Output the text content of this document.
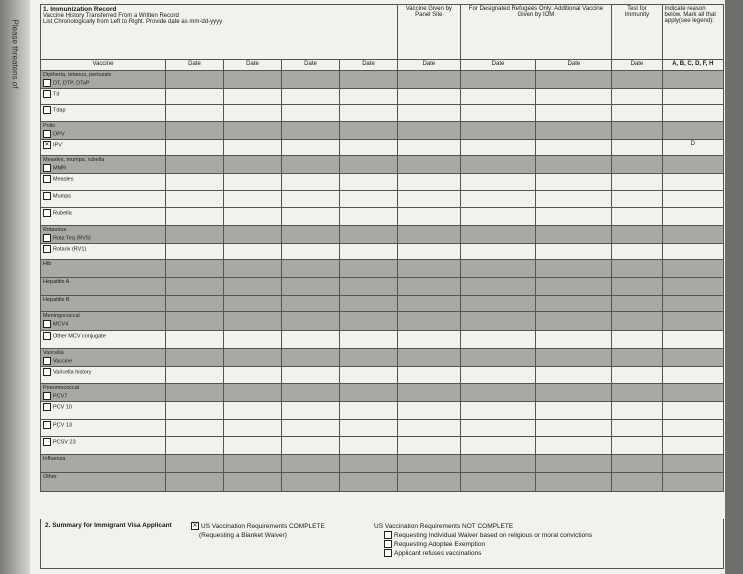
Please threatens of
1. Immunization Record
Vaccine History Transferred From a Written Record
List Chronologically from Left to Right. Provide date as mm-dd-yyyy					Vaccine Given by Panel Site	For Designated Refugees Only: Additional Vaccine Given by IOM		Test for Immunity	Indicate reason below. Mark all that apply(see legend):
Vaccine	Date	Date	Date	Date	Date	Date	Date	Date	A, B, C, D, F, H

Diptheria, tetanus, pertussis
DT, DTP, DTaP									
Td									
Tdap									

Polio
OPV									
✕ IPV									D

Measles, mumps, rubella
MMR									
Measles									
Mumps									
Rubella									

Rotavirus
Rota Teq (RV5)									
Rotarix (RV1)									
Hib									
Hepatitis A									
Hepatitis B									

Meningococcal
MCV4									
Other MCV conjugate									

Varicella
Vaccine									
Varicella history									

Pneumococcal
PCV7									
PCV 10									
PCV 13									
PCSV 23									
Influenza									
Other									
2. Summary for Immigrant Visa Applicant	✕ US Vaccination Requirements COMPLETE
(Requesting a Blanket Waiver)
US Vaccination Requirements NOT COMPLETE
Requesting Individual Waiver based on religious or moral convictions
Requesting Adoptee Exemption
Applicant refuses vaccinations
